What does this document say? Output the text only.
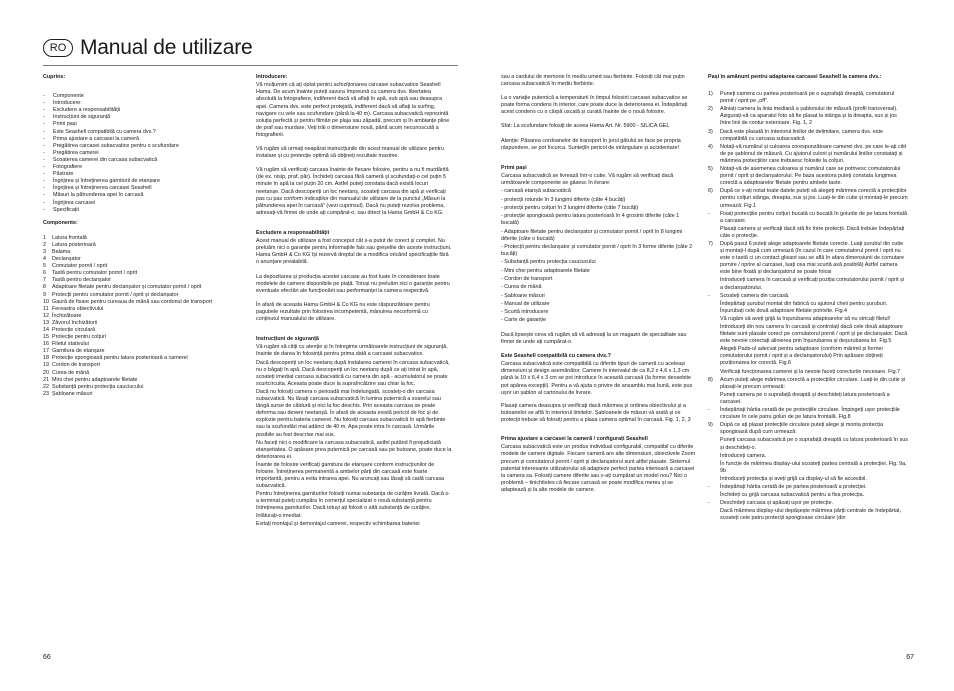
RO Manual de utilizare

Cuprins:

-	Componente
-	Introducere:
-	Excludere a responsabilității
-	Instrucțiuni de siguranță
-	Primi pași
-	Este Seashell compatibilă cu camera dvs.?
-	Prima ajustare a carcasei la cameră
-	Pregătirea carcasei subacvatice pentru o scufundare
-	Pregătirea camerei
-	Scoaterea camerei din carcasa subacvatică
-	Fotografiere
-	Păstrare
-	Îngrijirea și întreținerea garniturii de etanșare
-	Îngrijirea și întreținerea carcasei Seashell
-	Măsuri la pătrunderea apei în carcasă
-	Îngrijirea carcasei
-	Specificații

Componente:

1	Latura frontală
2	Latura posterioară
3	Balama
4	Declanșator
5	Comutator pornit / oprit
6	Tastă pentru comutator pornit / oprit
7	Tastă pentru declanșator
8	Adaptoare filetate pentru declanșator și comutator pornit / oprit
9	Protecții pentru comutator pornit / oprit și declanșator
10 Gaură de fixare pentru cureaua de mână sau cordonul de transport
11 Fereastra obiectivului
12 Închizătoare
13 Zăvorul închizătorii
14 Protecție circulară
15 Protecție pentru colțuri
16 Filetul stativului
17 Garnitura de etanșare
18 Protecție spongioasă pentru latura posterioară a camerei
19 Cordon de transport
20 Curea de mână
21 Mini chei pentru adaptoarele filetate
22 Substanță pentru protecția cauciucului
23 Șabloane măsuri
66

Introducere:

Vă mulțumim că ați optat pentru achiziționarea carcasei subacvatice Seashell Hama. De acum înainte puteți savura împreună cu camera dvs. libertatea absolută la fotografiere, indiferent dacă vă aflați în apă, sub apă sau deasupra apei. Camera dvs. este perfect protejată, indiferent dacă vă aflați la surfing, navigare cu vele sau scufundare (până la 40 m). Carcasa subacvatică reprezintă soluția perfectă și pentru filmări pe plaja sau zăpadă, precum și în ambianțe pline de praf sau murdare. Veți trăi o dimensiune nouă, până acum necunoscută a fotografierii.

Vă rugăm să urmați neapărat instrucțiunile din acest manual de utilizare pentru instalare și cu protecție optimă să obțineți rezultate maxime.

Vă rugăm să verificați carcasa înainte de fiecare folosire, pentru a nu fi murdărită (de ex. nisip, praf, păr). Închideți carcasa fără cameră și scufundați-o cel puțin 5 minute în apă la cel puțin 20 cm. Astfel puteți constata dacă există locuri neetanșe. Dacă descoperiți un loc neetanș, scoateți carcasa din apă și verificați pas cu pas conform indicațiilor din manualul de utilizare de la punctul „Măsuri la pătrunderea apei în carcasă” (vezi cuprinsul). Dacă nu puteți rezolva problema, adresați-vă firmei de unde ați cumpărat-o, sau direct la Hama GmbH & Co KG.

Excludere a responsabilității

Acest manual de utilizare a fost conceput cât s-a putut de corect și complet. Nu preluăm nici o garanție pentru informațiile fals sau greșelile din aceste instrucțiuni. Hama GmbH & Co KG își rezervă dreptul de a modifica oricând specificațiile fără o anunțare prealabilă.

La depozitarea și producția acestei carcase au fost luate în considerare toate modelele de camere disponibile pe piață. Totuși nu preluăm nici o garanție pentru eventuale efectări ale funcționării sau performanței la camera respectivă.

În afară de aceasta Hama GmbH & Co KG nu este răspunzătoare pentru pagubele rezultate prin folosirea incompetentă, mânuirea necorformă cu conținutul manualului de utilizare.

Instrucțiuni de siguranță

Vă rugăm să citiți cu atenție și în întregime următoarele instrucțiuni de siguranță, înainte de darea în folosință pentru prima dată a carcasei subacvatice.

Dacă descoperiți un loc neetanș după instalarea camerei în carcasa subacvatică, nu o băgați în apă. Dacă descoperiți un loc neetanș după ce ați intrat în apă, scoateți imediat carcasa subacvatică cu camera din apă - acumulatorul se poate scurtcircuita. Aceasta poate duce la supraîncălzire sau chiar la foc.

Dacă nu folosiți camera o perioadă mai îndelungată, scoateți-o din carcasa subacvatică. Nu lăsați carcasa subacvatică în lumina puternică a soarelui sau lângă surse de căldură și nici la foc deschis. Prin aceasta carcasa se poate deforma sau deveni neetanșă. În afară de aceasta există pericol de foc și de explozie pentru bateria camerei. Nu folosiți carcasa subacvatică în apă fierbinte sau la scufundări mai adânci de 40 m. Apa poate intra în carcasă. Urmările posibile au fost descrise mai sus.

Nu faceți nici o modificare la carcasa subacvatică, astfel putând fi prejudiciată etanșeitatea. O apăsare prea puternică pe carcasă sau pe butoane, poate duce la deteriorarea ei.

Înainte de folosire verificați garnitura de etanșare conform instrucțiunilor de folosire. Întreținerea permanentă a ambelor părți din carcasă este foarte importantă, pentru a evita intrarea apei. Nu aruncați sau lăsați să cadă carcasa subacvatică.

Pentru întreținerea garniturilor folosiți numai substanța de curățire livrată. Dacă s-a terminat puteți cumpăra în comerțul specializat o nouă substanță pentru întreținerea garniturilor. Dacă totuși ați folosit o altă substanță de curățire, înlăturați-o imediat.

Evitați montajul și demontajul camerei, respectiv schimbarea bateriei

sau a cardului de memorie în mediu umed sau fierbinte. Folosiți cât mai puțin carcasa subacvatică în mediu fierbinte.

La o variație puternică a temperaturii în timpul folosirii carcasei subacvatice se poate forma condens în interior, care poate duce la deteriorarea ei. Îndepărtați acest condens cu o cârpă uscată și curată înainte de o nouă folosire.

Sfat: La scufundare folosiți de aceea Hama Art. Nr. 5900 - SILICA GEL

Atenție: Păsarea cordoanelor de transport în jurul gâtului se face pe propria răspundere, se pot încurca. Suntețiîn pericol de strângulare și accidentare!

Primi pași

Carcasa subacvatică se livrează într-o cutie. Vă rugăm să verificați dacă următoarele componente se găsesc în livrare:

- carcasă etanșă subacvatică

- protecții rotunde în 3 lungimi diferite (câte 4 bucăți)

- protecții pentru colțuri în 3 lungimi diferite (câte 7 bucăți)

- protecție spongioasă pentru latura posterioară în 4 grosimi diferite (câte 1 bucată)

- Adaptoare filetate pentru declanșator și comutator pornit / oprit în 8 lungimi diferite (câte o bucată)

- Protecții pentru declanșator și comutator pornit / oprit în 3 forme diferite (câte 2 bucăți)

- Substanță pentru protecția cauciucului

- Mini chei pentru adaptoarele filetate

- Cordon de transport

- Curea de mână

- Șabloane măsuri

- Manual de utilizare

- Scurtă introducere

- Carte de garanție

Dacă lipsește ceva vă rugăm să vă adresați la un magazin de specialitate sau firmei de unde ați cumpărat-o.

Este Seashell compatibilă cu camera dvs.?

Carcasa subacvatică este compatibilă cu diferite tipuri de cameră cu aceleași dimensiuni și design asemănător. Camere în intervalul de ca 8,2 x 4,6 x 1,3 cm până la 10 x 6,4 x 3 cm se pot introduce în această carcasă (la forme deosebite pot apărea excepții). Pentru a vă ajuta o privire de ansamblu mai bună, este pus ușor un șablon al cartonului de livrare.

Plasați camera deasupra și verificați dacă mărimea și ordinea obiectivului și a butoanelor se află în interiorul limitelor. Șabloanele de măsuri vă arată și ce protecții trebuie să folosiți pentru a plasa camera optimal în carcasă. Fig. 1, 2, 3

Prima ajustare a carcasei la cameră / configurați Seashell

Carcasa subacvatică este un produs individual configurabil, compatibil cu diferite modele de camere digitale. Fiecare cameră are alte dimensiuni, obiectivele Zoom precum și comutatorul pornit / oprit și declanșatorul sunt altfel plasate. Sistemul patentat interesante utilizatorului să adapteze perfect partea interioară a carcasei la camera sa. Folosiți camere diferite sau v-ați cumpărat un model nou? Nici o problemă – tinichiteles că fiecare carcasă se poate modifica mereu și se adaptează și la alte modele de camere.

Pași în amănunt pentru adaptarea carcasei Seashell la camera dvs.:

1)	Puneți camera cu partea posterioară pe o suprafață dreaptă, comutatorul pornit / oprit pe „off”.
2)	Aliniați camera la linia mediană a șablonului de măsură (profil transversal). Asigurați-vă ca aparatul foto să fie plasat la stânga și la dreapta, sus și jos între linii de contur exterioare. Fig. 1, 2
3)	Dacă este plasată în interiorul liniilor de delimitare, camera dvs. este compatibilă cu carcasa subacvatică
4)	Notați-vă numărul și culoarea corespunzătoare camerei dvs. pe care le-ați citit de pe șablonul de măsură. Cu ajutorul culorii și numărului liniilor constatați și mărimea protecțiilor care trebuiesc folosite la colțuri.
5)	Notați-vă de asemenea culoarea și numărul care se potrivesc comutatorului pornit / oprit și declanșatorului. Pe baza acestora puteți constata lungimea corectă a adaptoarelor filetate pentru ambele taste.
6)	După ce v-ați notat toate datele puteți să alegeți mărimea corectă a protecțiilor pentru colțuri stânga, dreapta, sus și jos. Luați-le din cutie și montați-le precum urmează: Fig.1
-	Fixați protecțiile pentru colțuri bucată cu bucată în golurile de pe latura frontală a carcasei.
Plasați camera și verificați dacă stă fix între protecții. Dacă trebuie îndepărtați câte o protecție.
7)	După pasul 6 puteți alege adaptoarele filetate corecte. Luați șurubul din cutie și montați-l după cum urmează (în cazul în care comutatorul pornit / oprit nu este o tastă ci un contact glisant sau se află în afara dimensiunii de comutare pornire / oprire al carcasei, luați cea mai scurtă axă posibilă) Astfel camera este bine fixată și declanșatorul se poate folosi
Introduceți camera în carcasă și verificați poziția comutatorului pornit / oprit și a declanșatorului.
-	Scoateți camera din carcasă.
Îndepărtați șurubul montat din fabrică cu ajutorul cheii pentru șuruburi. Înșurubați cele două adaptoare filetate potrivite. Fig.4
Vă rugăm să aveți grijă la înșurubarea adaptoarelor să nu stricați filetul!
Introduceți din nou camera în carcasă și controlați dacă cele două adaptoare filetate sunt plasate corect pe comutatorul pornit / oprit și pe declanșator. Dacă este nevoie corectați alinierea prin înșurubarea și deșurubarea lor. Fig.5
Alegeți Pads-ul adecvat pentru adaptoare (conform mărimii și formei comutatorului pornit / oprit și a declanșatorului) Prin apăsare obțineți poziționarea lor corectă. Fig.6
Verificați funcționarea camerei și la nevoie faceți corecturile necesare. Fig.7
8)	Acum puteți alege mărimea corectă a protecțiilor circulare. Luați-le din cutie și plasați-le precum urmează:
Puneți camera pe o suprafață dreaptă și deschideți latura posterioară a carcasei.
-	Îndepărtați hârtia cerată de pe protecțiile circulare. Împingeți ușor protecțiile circulare în cele patru goluri de pe latura frontală. Fig.8
9)	După ce ați plasat protecțiile circulare puteți alege și monta protecția spongioasă după cum urmează:
Puneți carcasa subacvatică pe o suprafață dreaptă cu latura posterioară în sus și deschideți-o.
Introduceți camera.
În funcție de mărimea display-ului scoateți partea centrală a protecției. Fig. 9a, 9b
Introduceți protecția și aveți grijă ca display-ul să fie accesibil.
-	Îndepărtați hârtia cerată de pe partea posterioară a protecției.
Închideți cu grijă carcasa subacvatică pentru a fixa protecția.
-	Deschideți carcasa și apăsați ușor pe protecție.
Dacă mărimea display-ului depășește mărimea părții centrale de îndepărtat, scoateți cele patru protecții spongioase circulare (din
67
